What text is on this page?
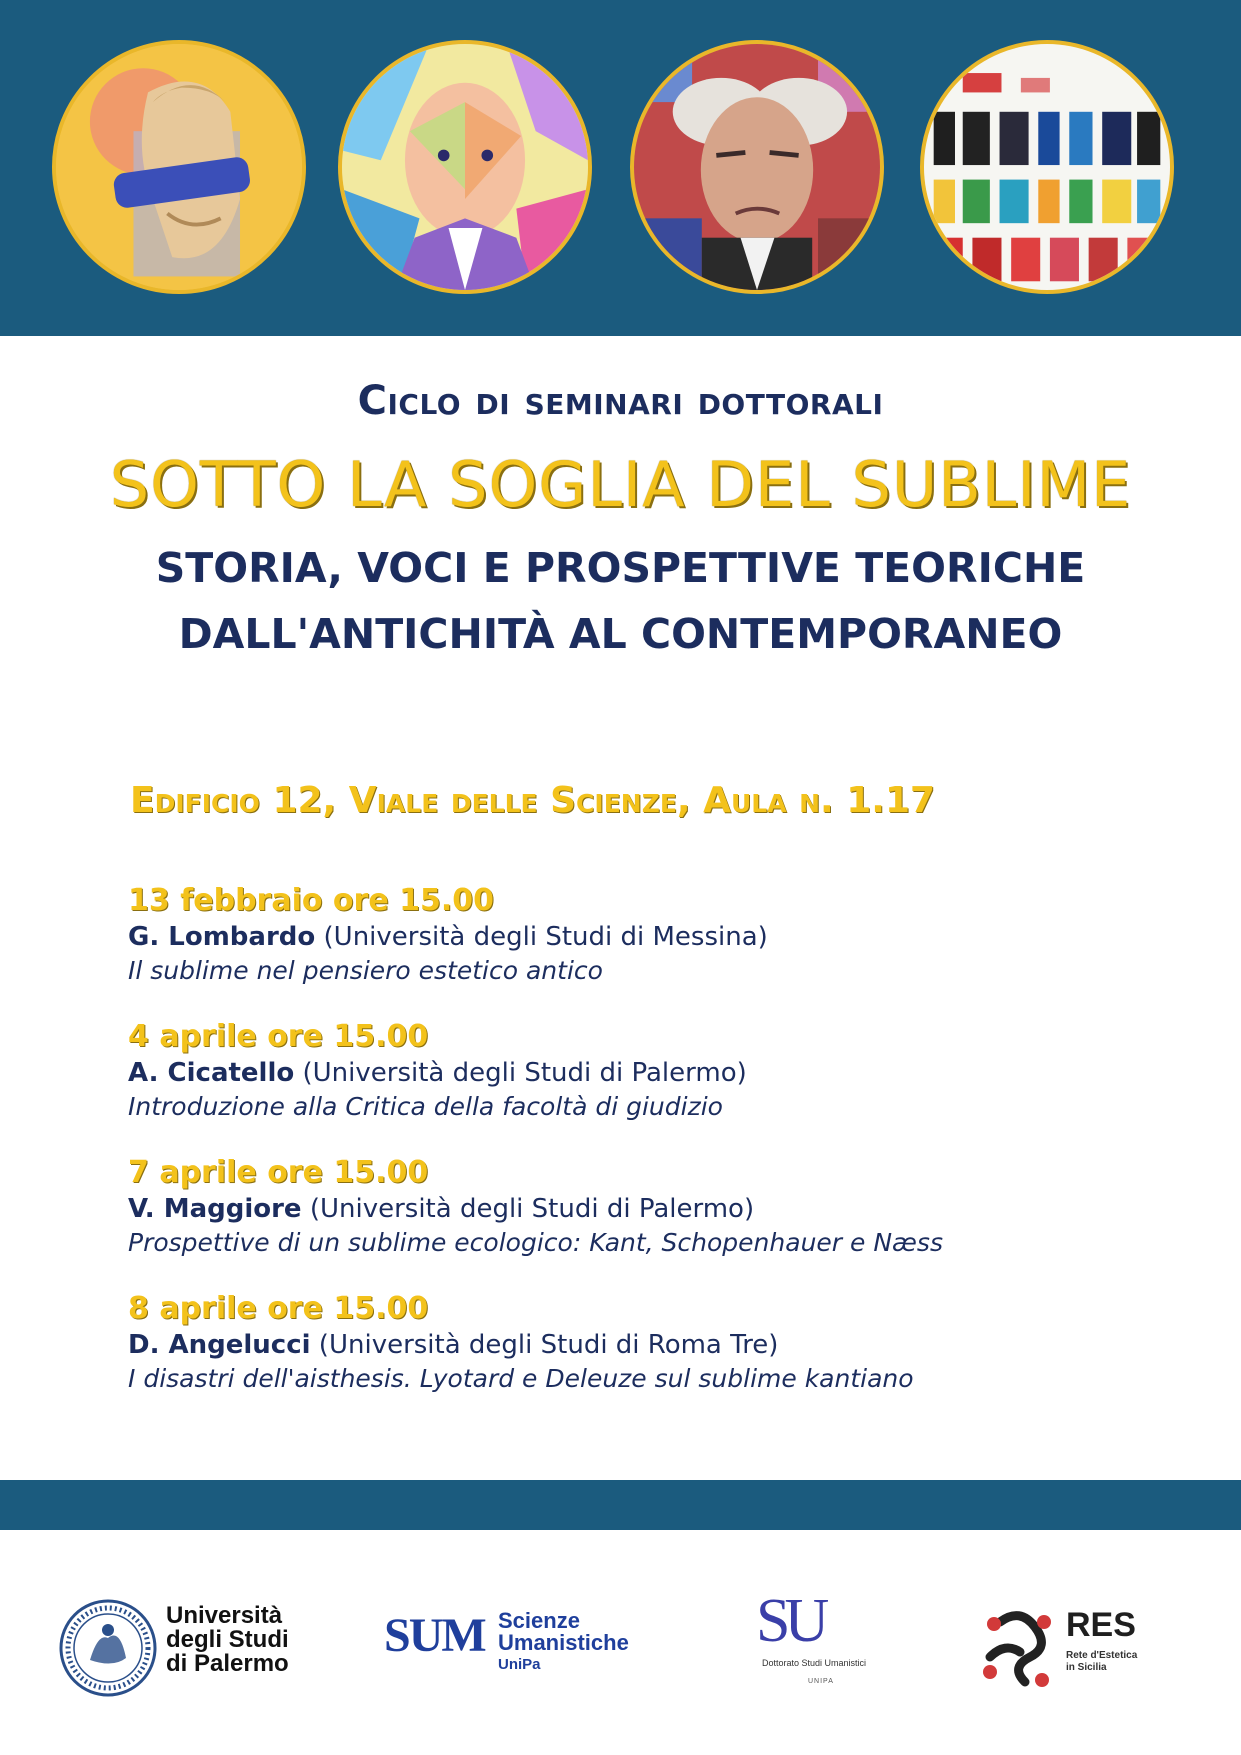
Ciclo di seminari dottorali
SOTTO LA SOGLIA DEL SUBLIME
STORIA, VOCI E PROSPETTIVE TEORICHE
DALL'ANTICHITÀ AL CONTEMPORANEO
Edificio 12, Viale delle Scienze, Aula n. 1.17
13 febbraio ore 15.00
G. Lombardo (Università degli Studi di Messina)
Il sublime nel pensiero estetico antico
4 aprile ore 15.00
A. Cicatello (Università degli Studi di Palermo)
Introduzione alla Critica della facoltà di giudizio
7 aprile ore 15.00
V. Maggiore (Università degli Studi di Palermo)
Prospettive di un sublime ecologico: Kant, Schopenhauer e Næss
8 aprile ore 15.00
D. Angelucci (Università degli Studi di Roma Tre)
I disastri dell'aisthesis. Lyotard e Deleuze sul sublime kantiano
Università
degli Studi
di Palermo
SUM Scienze
Umanistiche
UniPa
SU
Dottorato Studi Umanistici
UNIPA
RES
Rete d'Estetica in Sicilia
